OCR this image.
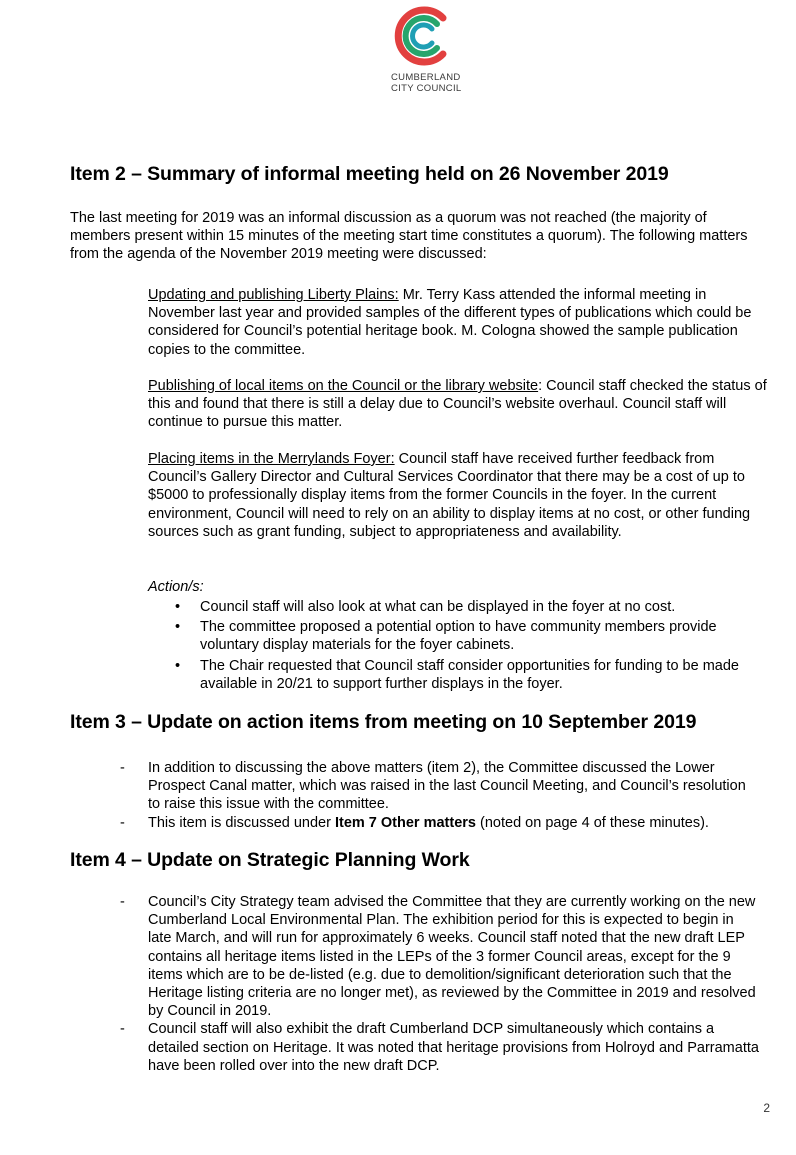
CUMBERLAND
CITY COUNCIL
Item 2 – Summary of informal meeting held on 26 November 2019
The last meeting for 2019 was an informal discussion as a quorum was not reached (the majority of members present within 15 minutes of the meeting start time constitutes a quorum). The following matters from the agenda of the November 2019 meeting were discussed:
Updating and publishing Liberty Plains: Mr. Terry Kass attended the informal meeting in November last year and provided samples of the different types of publications which could be considered for Council’s potential heritage book. M. Cologna showed the sample publication copies to the committee.
Publishing of local items on the Council or the library website: Council staff checked the status of this and found that there is still a delay due to Council’s website overhaul. Council staff will continue to pursue this matter.
Placing items in the Merrylands Foyer: Council staff have received further feedback from Council’s Gallery Director and Cultural Services Coordinator that there may be a cost of up to $5000 to professionally display items from the former Councils in the foyer. In the current environment, Council will need to rely on an ability to display items at no cost, or other funding sources such as grant funding, subject to appropriateness and availability.
Action/s:
• Council staff will also look at what can be displayed in the foyer at no cost.
• The committee proposed a potential option to have community members provide voluntary display materials for the foyer cabinets.
• The Chair requested that Council staff consider opportunities for funding to be made available in 20/21 to support further displays in the foyer.
Item 3 – Update on action items from meeting on 10 September 2019
- In addition to discussing the above matters (item 2), the Committee discussed the Lower Prospect Canal matter, which was raised in the last Council Meeting, and Council’s resolution to raise this issue with the committee.
- This item is discussed under Item 7 Other matters (noted on page 4 of these minutes).
Item 4 – Update on Strategic Planning Work
- Council’s City Strategy team advised the Committee that they are currently working on the new Cumberland Local Environmental Plan. The exhibition period for this is expected to begin in late March, and will run for approximately 6 weeks. Council staff noted that the new draft LEP contains all heritage items listed in the LEPs of the 3 former Council areas, except for the 9 items which are to be de-listed (e.g. due to demolition/significant deterioration such that the Heritage listing criteria are no longer met), as reviewed by the Committee in 2019 and resolved by Council in 2019.
- Council staff will also exhibit the draft Cumberland DCP simultaneously which contains a detailed section on Heritage. It was noted that heritage provisions from Holroyd and Parramatta have been rolled over into the new draft DCP.
2
